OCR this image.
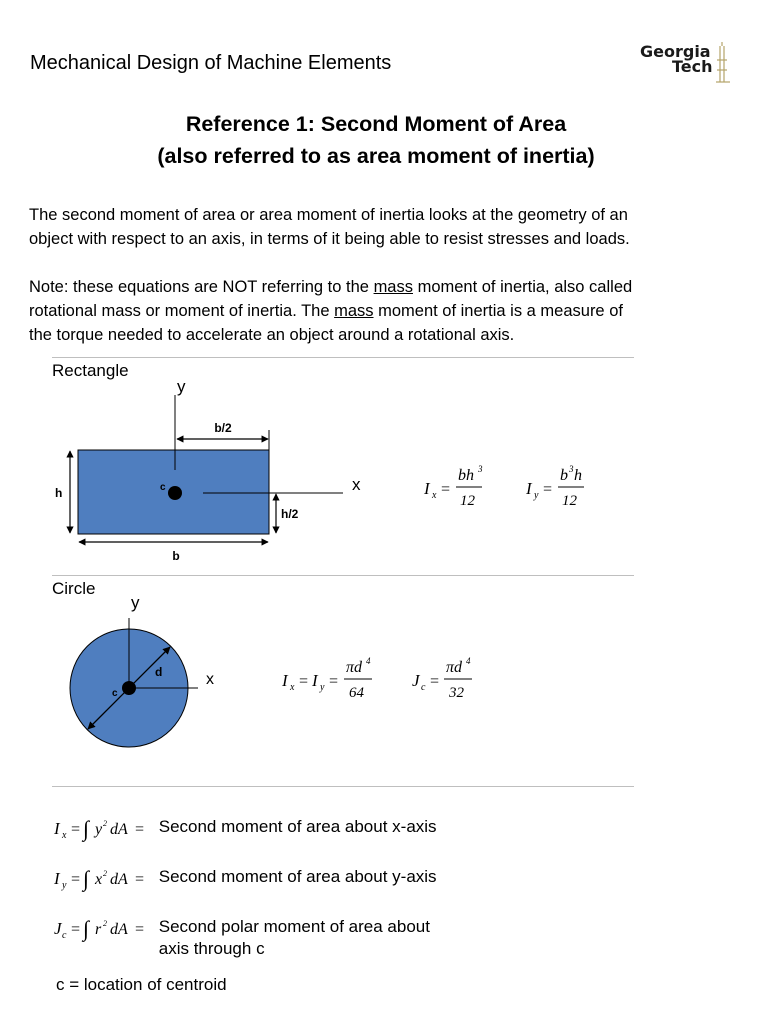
Mechanical Design of Machine Elements
Georgia
Tech
Reference 1: Second Moment of Area
(also referred to as area moment of inertia)
The second moment of area or area moment of inertia looks at the geometry of an
object with respect to an axis, in terms of it being able to resist stresses and loads.
Note: these equations are NOT referring to the mass moment of inertia, also called
rotational mass or moment of inertia. The mass moment of inertia is a measure of
the torque needed to accelerate an object around a rotational axis.
Rectangle
y
x
c
b/2
h
h/2
b
I x =
bh 3
12
I y =
b 3 h
12
Circle
y
x
c
d	I x = I y =
πd 4
64
J c =
πd 4
32
I x = ∫ y 2 dA = Second moment of area about x-axis
I y = ∫ x 2 dA = Second moment of area about y-axis
J c = ∫ r 2 dA =
Second polar moment of area about
axis through c
c = location of centroid
